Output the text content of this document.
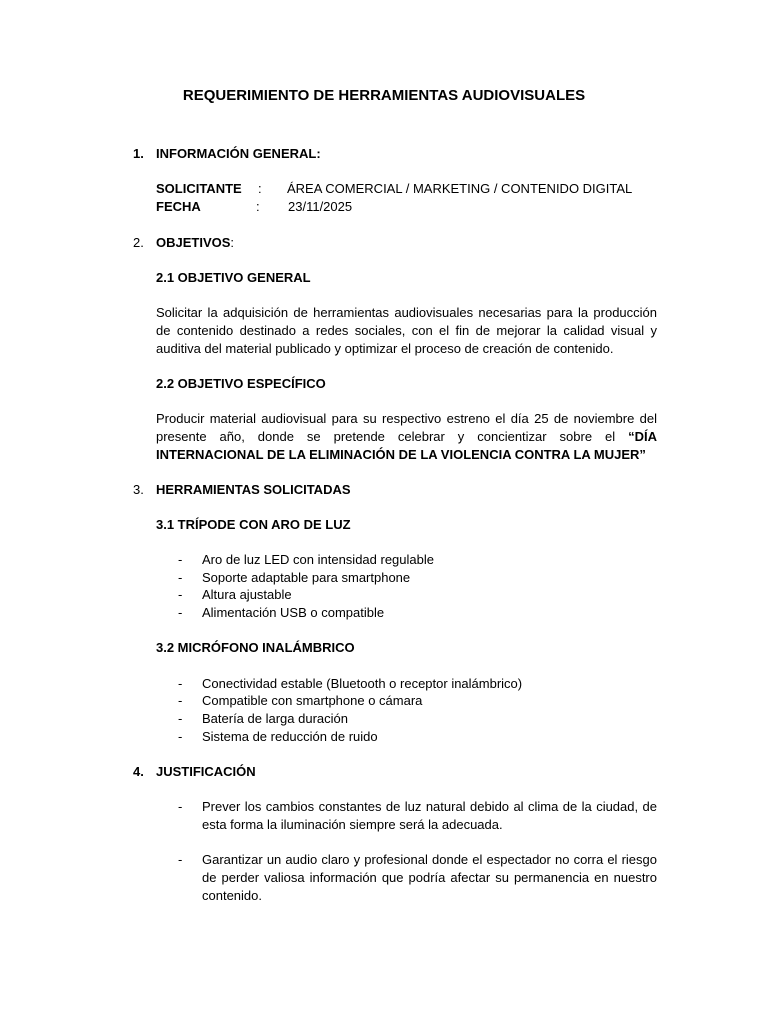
REQUERIMIENTO DE HERRAMIENTAS AUDIOVISUALES
1. INFORMACIÓN GENERAL:
SOLICITANTE : ÁREA COMERCIAL / MARKETING / CONTENIDO DIGITAL
FECHA	: 23/11/2025
2. OBJETIVOS:
2.1 OBJETIVO GENERAL
Solicitar la adquisición de herramientas audiovisuales necesarias para la producción de contenido destinado a redes sociales, con el fin de mejorar la calidad visual y auditiva del material publicado y optimizar el proceso de creación de contenido.
2.2 OBJETIVO ESPECÍFICO
Producir material audiovisual para su respectivo estreno el día 25 de noviembre del presente año, donde se pretende celebrar y concientizar sobre el “DÍA INTERNACIONAL DE LA ELIMINACIÓN DE LA VIOLENCIA CONTRA LA MUJER”
3. HERRAMIENTAS SOLICITADAS
3.1 TRÍPODE CON ARO DE LUZ
- Aro de luz LED con intensidad regulable
- Soporte adaptable para smartphone
- Altura ajustable
- Alimentación USB o compatible
3.2 MICRÓFONO INALÁMBRICO
- Conectividad estable (Bluetooth o receptor inalámbrico)
- Compatible con smartphone o cámara
- Batería de larga duración
- Sistema de reducción de ruido
4. JUSTIFICACIÓN
- Prever los cambios constantes de luz natural debido al clima de la ciudad, de esta forma la iluminación siempre será la adecuada.
- Garantizar un audio claro y profesional donde el espectador no corra el riesgo de perder valiosa información que podría afectar su permanencia en nuestro contenido.
